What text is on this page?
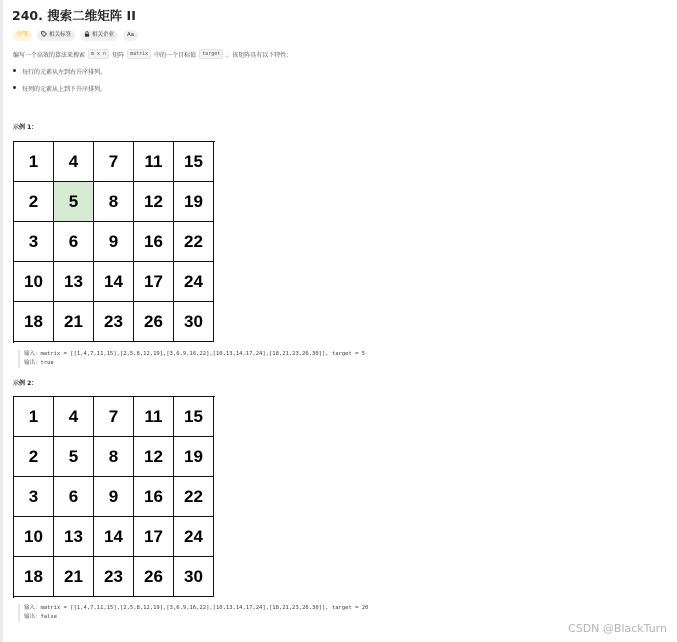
240. 搜索二维矩阵 II
中等	相关标签	相关企业 Aa
编写一个高效的算法来搜索	m x n	矩阵	matrix	中的一个目标值	target	。该矩阵具有以下特性：
每行的元素从左到右升序排列。
每列的元素从上到下升序排列。
示例 1：
1	4	7	11	15
2	5	8	12	19
3	6	9	16	22
10	13	14	17	24
18	21	23	26	30
输入：matrix = [[1,4,7,11,15],[2,5,8,12,19],[3,6,9,16,22],[10,13,14,17,24],[18,21,23,26,30]], target = 5
输出：true
示例 2：
1	4	7	11	15
2	5	8	12	19
3	6	9	16	22
10	13	14	17	24
18	21	23	26	30
输入：matrix = [[1,4,7,11,15],[2,5,8,12,19],[3,6,9,16,22],[10,13,14,17,24],[18,21,23,26,30]], target = 20
输出：false
CSDN @BlackTurn
